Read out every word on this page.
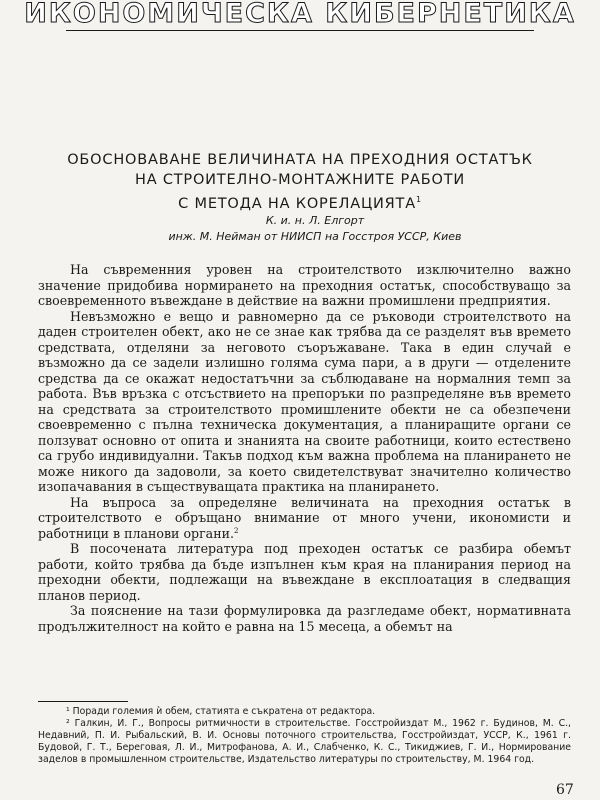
ИКОНОМИЧЕСКА КИБЕРНЕТИКА
ОБОСНОВАВАНЕ ВЕЛИЧИНАТА НА ПРЕХОДНИЯ ОСТАТЪК
НА СТРОИТЕЛНО-МОНТАЖНИТЕ РАБОТИ
С МЕТОДА НА КОРЕЛАЦИЯТА$^1$
К. и. н. Л. Елгорт
инж. М. Нейман от НИИСП на Госстроя УССР, Киев

На съвременния уровен на строителството изключително важно значение придобива нормирането на преходния остатък, способствуващо за своевременното въвеждане в действие на важни промишлени предприятия.

Невъзможно е вещо и равномерно да се ръководи строителството на даден строителен обект, ако не се знае как трябва да се разделят във времето средствата, отделяни за неговото съоръжаване. Така в един случай е възможно да се задели излишно голяма сума пари, а в други — отделените средства да се окажат недостатъчни за съблюдаване на нормалния темп за работа. Във връзка с отсъствието на препоръки по разпределяне във времето на средствата за строителството промишлените обекти не са обезпечени своевременно с пълна техническа документация, а планиращите органи се ползуват основно от опита и знанията на своите работници, които естествено са грубо индивидуални. Такъв подход към важна проблема на планирането не може никого да задоволи, за което свидетелствуват значително количество изопачавания в съществуващата практика на планирането.

На въпроса за определяне величината на преходния остатък в строителството е обръщано внимание от много учени, икономисти и работници в планови органи.$^2$

В посочената литература под преходен остатък се разбира обемът работи, който трябва да бъде изпълнен към края на планирания период на преходни обекти, подлежащи на въвеждане в експлоатация в следващия планов период.

За пояснение на тази формулировка да разгледаме обект, нормативната продължителност на който е равна на 15 месеца, а обемът на

¹ Поради големия ѝ обем, статията е съкратена от редактора.

² Галкин, И. Г., Вопросы ритмичности в строительстве. Госстройиздат М., 1962 г. Будинов, М. С., Недавний, П. И. Рыбальский, В. И. Основы поточного строительства, Госстройиздат, УССР, К., 1961 г. Будовой, Г. Т., Береговая, Л. И., Митрофанова, А. И., Слабченко, К. С., Тикиджиев, Г. И., Нормирование заделов в промышленном строительстве, Издательство литературы по строительству, М. 1964 год.

67
